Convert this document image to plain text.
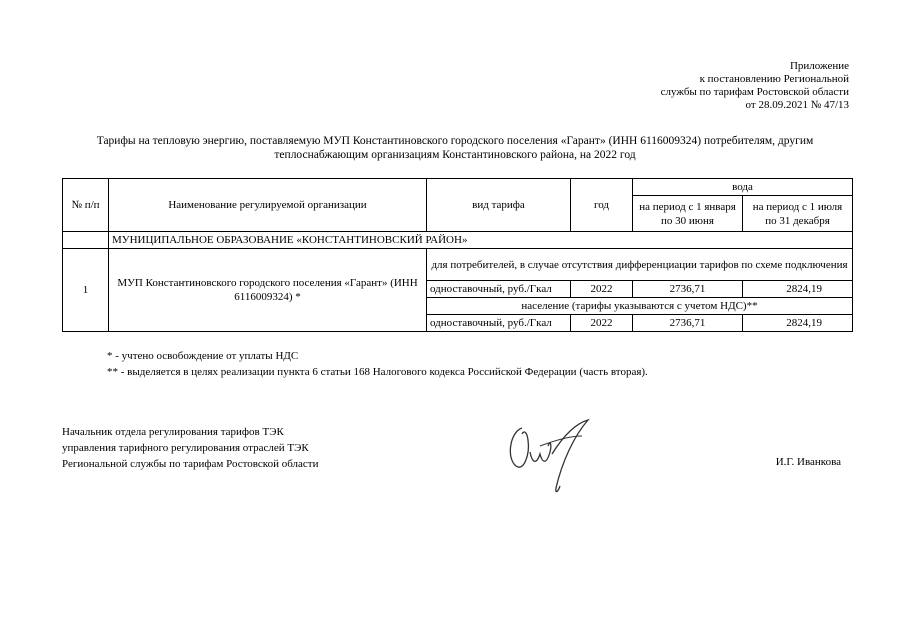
Приложение
к постановлению Региональной
службы по тарифам Ростовской области
от 28.09.2021 № 47/13
Тарифы на тепловую энергию, поставляемую МУП Константиновского городского поселения «Гарант» (ИНН 6116009324) потребителям, другим
теплоснабжающим организациям Константиновского района, на 2022 год
№ п/п	Наименование регулируемой организации	вид тарифа	год	вода	
				на период с 1 января по 30 июня	на период с 1 июля по 31 декабря
	МУНИЦИПАЛЬНОЕ ОБРАЗОВАНИЕ «КОНСТАНТИНОВСКИЙ РАЙОН»				
1	МУП Константиновского городского поселения «Гарант» (ИНН 6116009324) *	для потребителей, в случае отсутствия дифференциации тарифов по схеме подключения			
		одноставочный, руб./Гкал	2022	2736,71	2824,19
		население (тарифы указываются с учетом НДС)**			
		одноставочный, руб./Гкал	2022	2736,71	2824,19
* - учтено освобождение от уплаты НДС
** - выделяется в целях реализации пункта 6 статьи 168 Налогового кодекса Российской Федерации (часть вторая).
Начальник отдела регулирования тарифов ТЭК
управления тарифного регулирования отраслей ТЭК
Региональной службы по тарифам Ростовской области	И.Г. Иванкова
